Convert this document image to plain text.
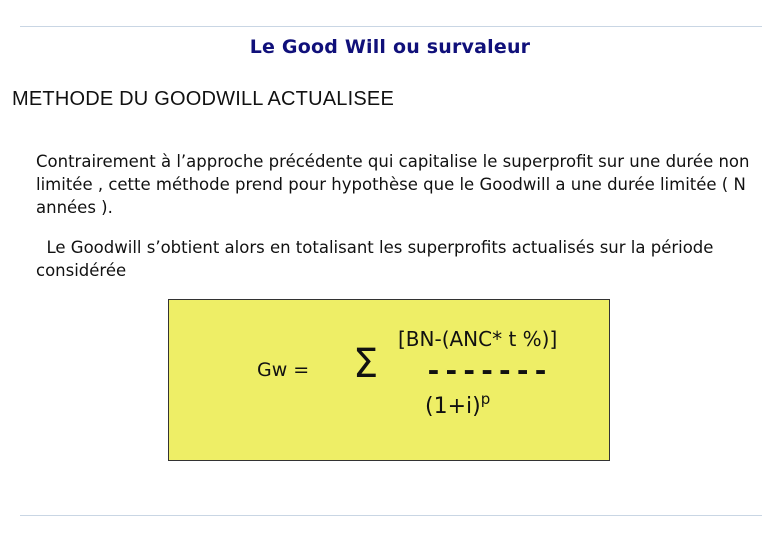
Le Good Will ou survaleur
METHODE DU GOODWILL ACTUALISEE
Contrairement à l’approche précédente qui capitalise le superprofit sur une durée non limitée , cette méthode prend pour hypothèse que le Goodwill a une durée limitée ( N années ).
Le Goodwill s’obtient alors en totalisant les superprofits actualisés sur la période considérée
Gw = Σ
[BN-(ANC* t %)]
-------
$(1+i)^p$
